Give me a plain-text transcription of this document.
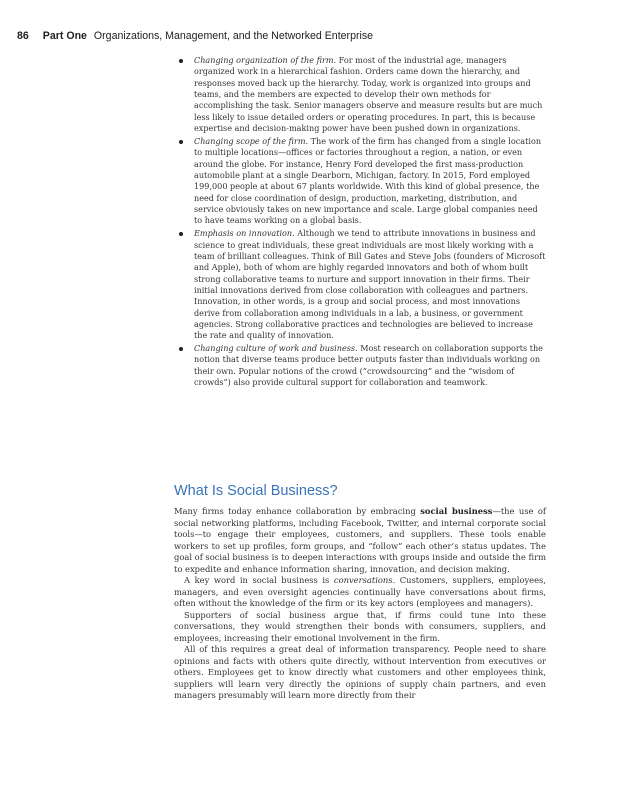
86 Part One Organizations, Management, and the Networked Enterprise
Changing organization of the firm. For most of the industrial age, managers organized work in a hierarchical fashion. Orders came down the hierarchy, and responses moved back up the hierarchy. Today, work is organized into groups and teams, and the members are expected to develop their own methods for accomplishing the task. Senior managers observe and measure results but are much less likely to issue detailed orders or operating procedures. In part, this is because expertise and decision-making power have been pushed down in organizations.
Changing scope of the firm. The work of the firm has changed from a single location to multiple locations—offices or factories throughout a region, a nation, or even around the globe. For instance, Henry Ford developed the first mass-production automobile plant at a single Dearborn, Michigan, factory. In 2015, Ford employed 199,000 people at about 67 plants worldwide. With this kind of global presence, the need for close coordination of design, production, marketing, distribution, and service obviously takes on new importance and scale. Large global companies need to have teams working on a global basis.
Emphasis on innovation. Although we tend to attribute innovations in business and science to great individuals, these great individuals are most likely working with a team of brilliant colleagues. Think of Bill Gates and Steve Jobs (founders of Microsoft and Apple), both of whom are highly regarded innovators and both of whom built strong collaborative teams to nurture and support innovation in their firms. Their initial innovations derived from close collaboration with colleagues and partners. Innovation, in other words, is a group and social process, and most innovations derive from collaboration among individuals in a lab, a business, or government agencies. Strong collaborative practices and technologies are believed to increase the rate and quality of innovation.
Changing culture of work and business. Most research on collaboration supports the notion that diverse teams produce better outputs faster than individuals working on their own. Popular notions of the crowd (“crowdsourcing” and the “wisdom of crowds”) also provide cultural support for collaboration and teamwork.
What Is Social Business?

Many firms today enhance collaboration by embracing social business—the use of social networking platforms, including Facebook, Twitter, and internal corporate social tools—to engage their employees, customers, and suppliers. These tools enable workers to set up profiles, form groups, and “follow” each other’s status updates. The goal of social business is to deepen interactions with groups inside and outside the firm to expedite and enhance information sharing, innovation, and decision making.

A key word in social business is conversations. Customers, suppliers, employees, managers, and even oversight agencies continually have conversations about firms, often without the knowledge of the firm or its key actors (employees and managers).

Supporters of social business argue that, if firms could tune into these conversations, they would strengthen their bonds with consumers, suppliers, and employees, increasing their emotional involvement in the firm.

All of this requires a great deal of information transparency. People need to share opinions and facts with others quite directly, without intervention from executives or others. Employees get to know directly what customers and other employees think, suppliers will learn very directly the opinions of supply chain partners, and even managers presumably will learn more directly from their
